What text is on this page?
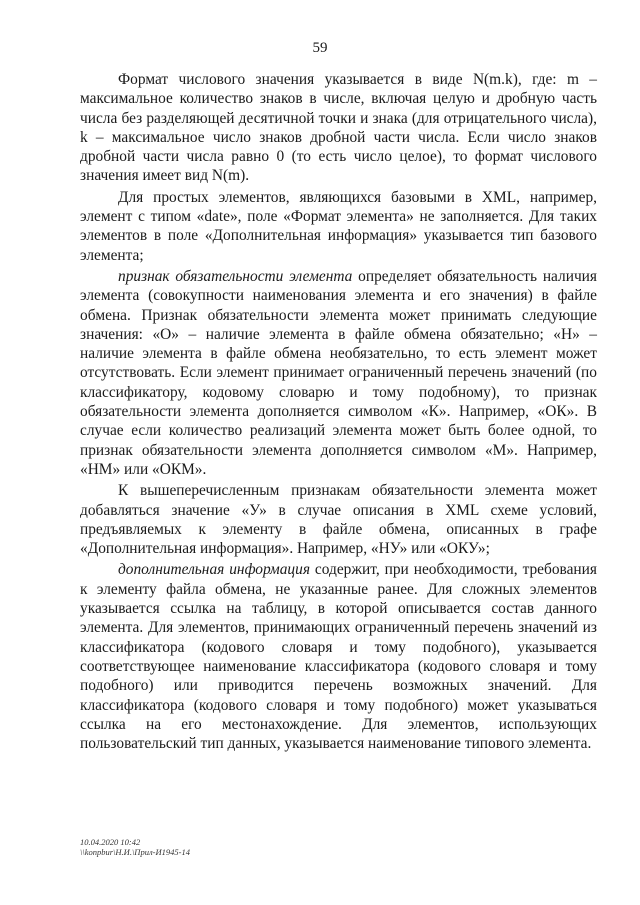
59

Формат числового значения указывается в виде N(m.k), где: m – максимальное количество знаков в числе, включая целую и дробную часть числа без разделяющей десятичной точки и знака (для отрицательного числа), k – максимальное число знаков дробной части числа. Если число знаков дробной части числа равно 0 (то есть число целое), то формат числового значения имеет вид N(m).

Для простых элементов, являющихся базовыми в XML, например, элемент с типом «date», поле «Формат элемента» не заполняется. Для таких элементов в поле «Дополнительная информация» указывается тип базового элемента;

признак обязательности элемента определяет обязательность наличия элемента (совокупности наименования элемента и его значения) в файле обмена. Признак обязательности элемента может принимать следующие значения: «О» – наличие элемента в файле обмена обязательно; «Н» – наличие элемента в файле обмена необязательно, то есть элемент может отсутствовать. Если элемент принимает ограниченный перечень значений (по классификатору, кодовому словарю и тому подобному), то признак обязательности элемента дополняется символом «К». Например, «ОК». В случае если количество реализаций элемента может быть более одной, то признак обязательности элемента дополняется символом «М». Например, «НМ» или «ОКМ».

К вышеперечисленным признакам обязательности элемента может добавляться значение «У» в случае описания в XML схеме условий, предъявляемых к элементу в файле обмена, описанных в графе «Дополнительная информация». Например, «НУ» или «ОКУ»;

дополнительная информация содержит, при необходимости, требования к элементу файла обмена, не указанные ранее. Для сложных элементов указывается ссылка на таблицу, в которой описывается состав данного элемента. Для элементов, принимающих ограниченный перечень значений из классификатора (кодового словаря и тому подобного), указывается соответствующее наименование классификатора (кодового словаря и тому подобного) или приводится перечень возможных значений. Для классификатора (кодового словаря и тому подобного) может указываться ссылка на его местонахождение. Для элементов, использующих пользовательский тип данных, указывается наименование типового элемента.

10.04.2020 10:42
\\konpbur\Н.И.\Прил-И1945-14
